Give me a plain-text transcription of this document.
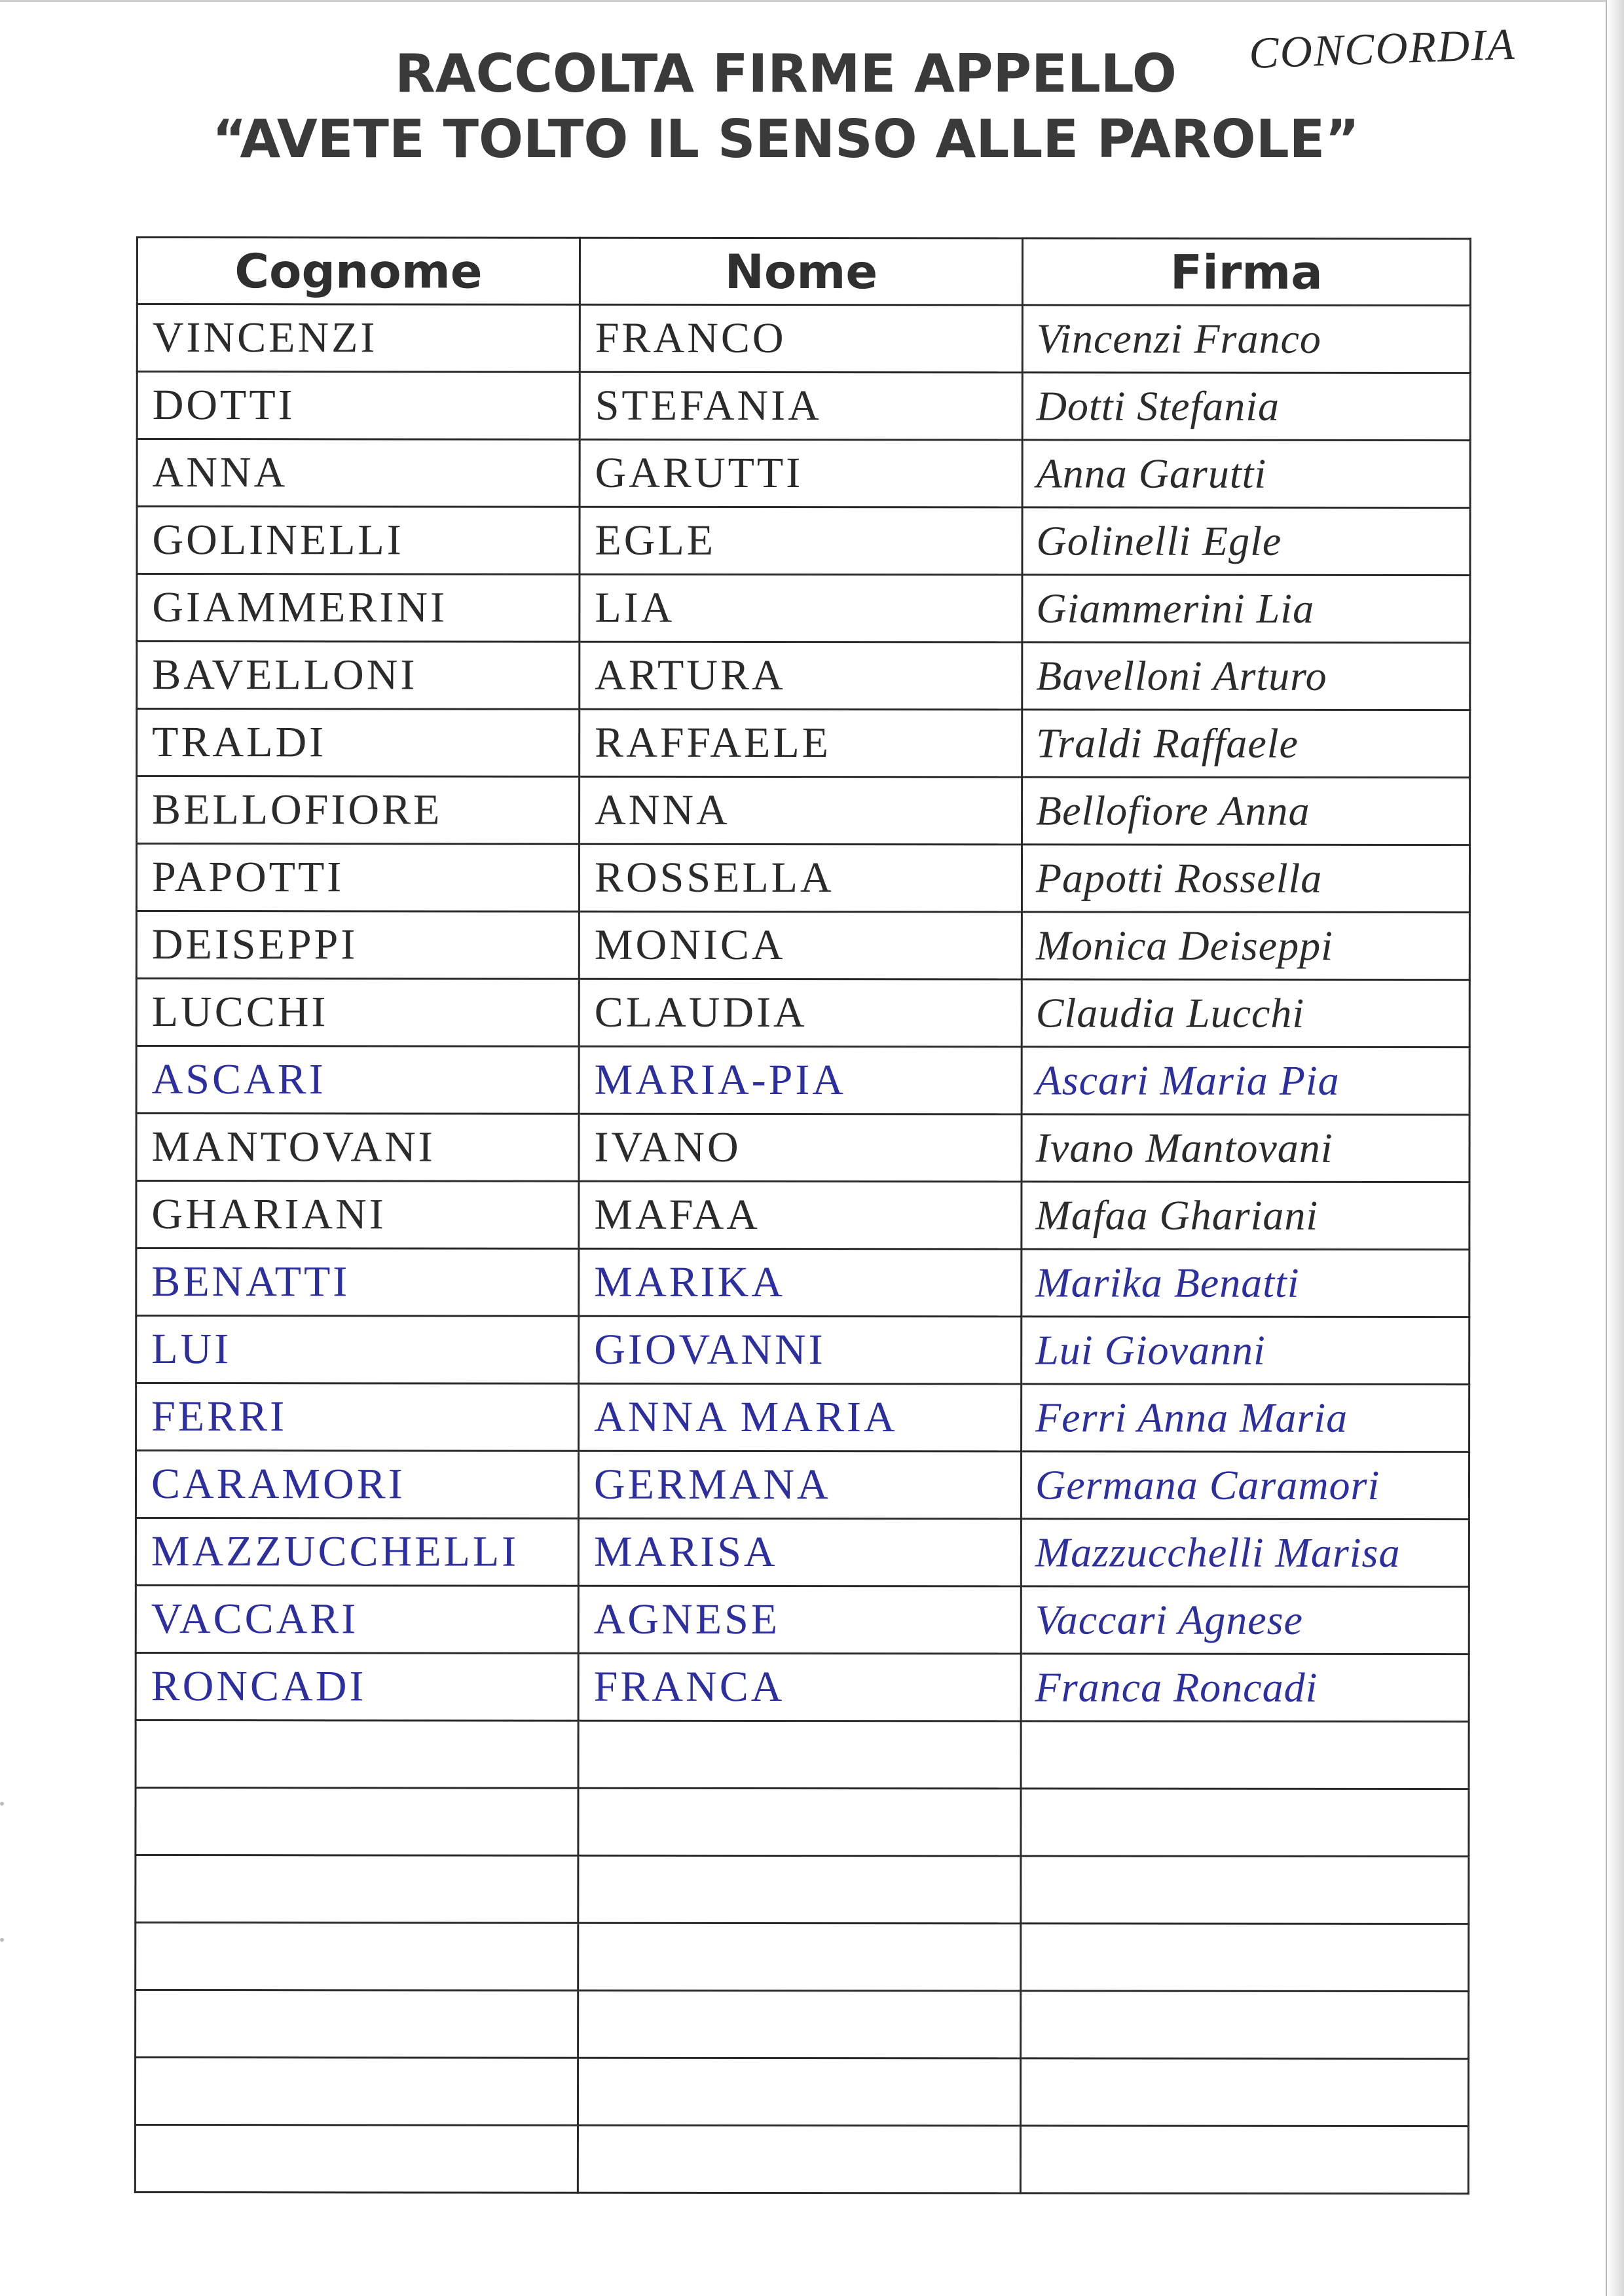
RACCOLTA FIRME APPELLO
“AVETE TOLTO IL SENSO ALLE PAROLE”
CONCORDIA
Cognome	Nome	Firma

VINCENZI	FRANCO	Vincenzi Franco

DOTTI	STEFANIA	Dotti Stefania

ANNA	GARUTTI	Anna Garutti

GOLINELLI	EGLE	Golinelli Egle

GIAMMERINI	LIA	Giammerini Lia

BAVELLONI	ARTURA	Bavelloni Arturo

TRALDI	RAFFAELE	Traldi Raffaele

BELLOFIORE	ANNA	Bellofiore Anna

PAPOTTI	ROSSELLA	Papotti Rossella

DEISEPPI	MONICA	Monica Deiseppi

LUCCHI	CLAUDIA	Claudia Lucchi

ASCARI	MARIA-PIA	Ascari Maria Pia

MANTOVANI	IVANO	Ivano Mantovani

GHARIANI	MAFAA	Mafaa Ghariani

BENATTI	MARIKA	Marika Benatti

LUI	GIOVANNI	Lui Giovanni

FERRI	ANNA MARIA	Ferri Anna Maria

CARAMORI	GERMANA	Germana Caramori

MAZZUCCHELLI	MARISA	Mazzucchelli Marisa

VACCARI	AGNESE	Vaccari Agnese

RONCADI	FRANCA	Franca Roncadi
